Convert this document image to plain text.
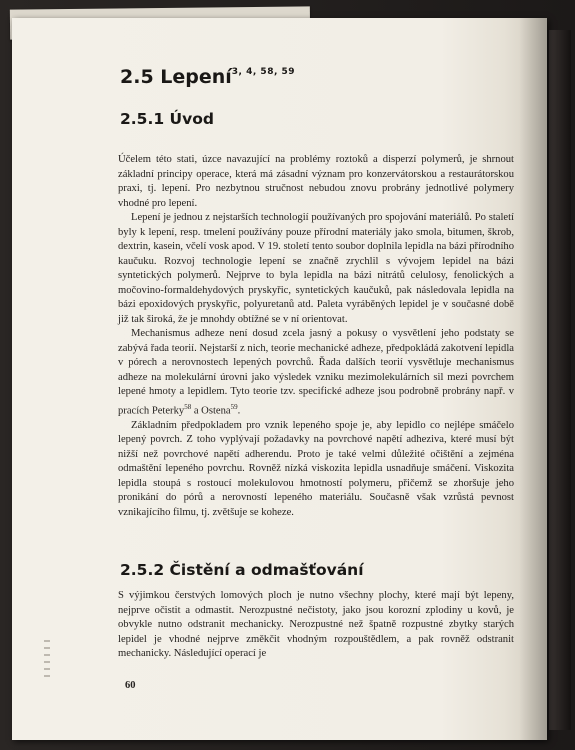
2.5 Lepení$^{3, 4, 58, 59}$
2.5.1 Úvod

Účelem této stati, úzce navazující na problémy roztoků a disperzí polymerů, je shrnout základní principy operace, která má zásadní význam pro konzervátorskou a restaurátorskou praxi, tj. lepení. Pro nezbytnou stručnost nebudou znovu probrány jednotlivé polymery vhodné pro lepení.

Lepení je jednou z nejstarších technologií používaných pro spojování materiálů. Po staletí byly k lepení, resp. tmelení používány pouze přírodní materiály jako smola, bitumen, škrob, dextrin, kasein, včelí vosk apod. V 19. století tento soubor doplnila lepidla na bázi přírodního kaučuku. Rozvoj technologie lepení se značně zrychlil s vývojem lepidel na bázi syntetických polymerů. Nejprve to byla lepidla na bázi nitrátů celulosy, fenolických a močovino-formaldehydových pryskyřic, syntetických kaučuků, pak následovala lepidla na bázi epoxidových pryskyřic, polyuretanů atd. Paleta vyráběných lepidel je v současné době již tak široká, že je mnohdy obtížné se v ní orientovat.

Mechanismus adheze není dosud zcela jasný a pokusy o vysvětlení jeho podstaty se zabývá řada teorií. Nejstarší z nich, teorie mechanické adheze, předpokládá zakotvení lepidla v pórech a nerovnostech lepených povrchů. Řada dalších teorií vysvětluje mechanismus adheze na molekulární úrovni jako výsledek vzniku mezimolekulárních sil mezi povrchem lepené hmoty a lepidlem. Tyto teorie tzv. specifické adheze jsou podrobně probrány např. v pracích Peterky$^{58}$ a Ostena$^{59}$.

Základním předpokladem pro vznik lepeného spoje je, aby lepidlo co nejlépe smáčelo lepený povrch. Z toho vyplývají požadavky na povrchové napětí adheziva, které musí být nižší než povrchové napětí adherendu. Proto je také velmi důležité očištění a zejména odmaštění lepeného povrchu. Rovněž nízká viskozita lepidla usnadňuje smáčení. Viskozita lepidla stoupá s rostoucí molekulovou hmotností polymeru, přičemž se zhoršuje jeho pronikání do pórů a nerovností lepeného materiálu. Současně však vzrůstá pevnost vznikajícího filmu, tj. zvětšuje se koheze.

2.5.2 Čistění a odmašťování

S výjimkou čerstvých lomových ploch je nutno všechny plochy, které mají být lepeny, nejprve očistit a odmastit. Nerozpustné nečistoty, jako jsou korozní zplodiny u kovů, je obvykle nutno odstranit mechanicky. Nerozpustné než špatně rozpustné zbytky starých lepidel je vhodné nejprve změkčit vhodným rozpouštědlem, a pak rovněž odstranit mechanicky. Následující operací je

60
